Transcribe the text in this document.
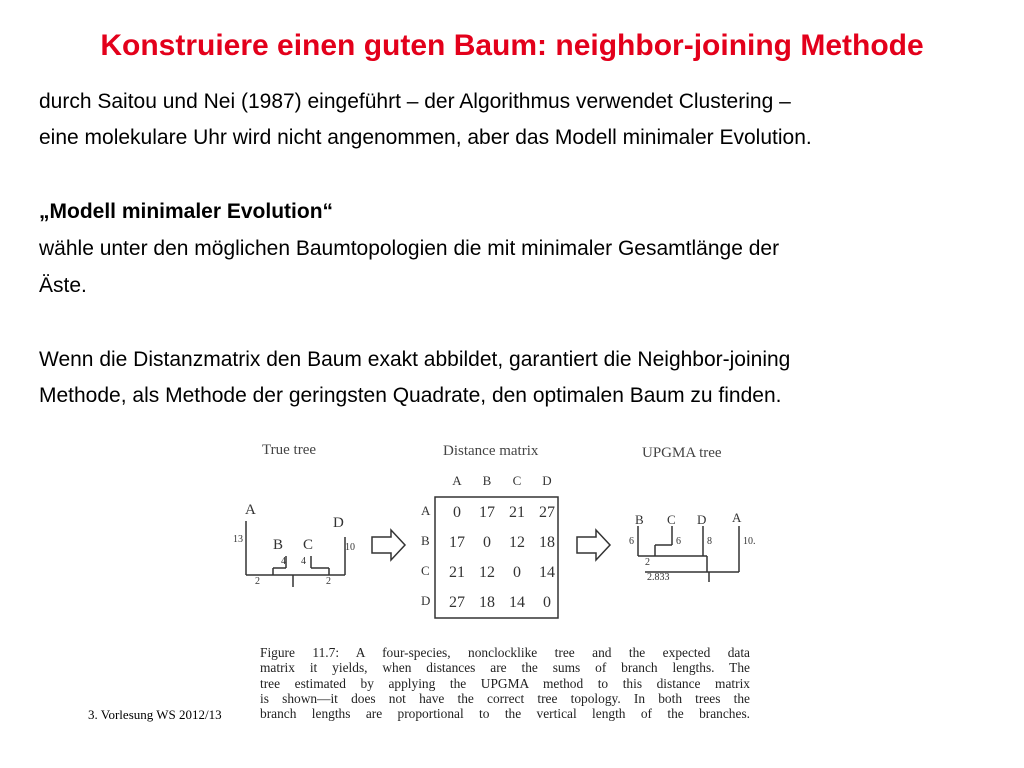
Konstruiere einen guten Baum: neighbor-joining Methode
durch Saitou und Nei (1987) eingeführt – der Algorithmus verwendet Clustering –
eine molekulare Uhr wird nicht angenommen, aber das Modell minimaler Evolution.
„Modell minimaler Evolution“
wähle unter den möglichen Baumtopologien die mit minimaler Gesamtlänge der
Äste.
Wenn die Distanzmatrix den Baum exakt abbildet, garantiert die Neighbor-joining
Methode, als Methode der geringsten Quadrate, den optimalen Baum zu finden.
True tree
A
B C
D
13
4 4
10
2	2
Distance matrix
A B C D
A 0 17 21 27
B 17 0 12 18
C 21 12 0 14
D 27 18 14 0
UPGMA tree
B C D A
6	6	8	10.
2
2.833
Figure 11.7: A four-species, nonclocklike tree and the expected data
matrix it yields, when distances are the sums of branch lengths. The
tree estimated by applying the UPGMA method to this distance matrix
is shown—it does not have the correct tree topology. In both trees the
branch lengths are proportional to the vertical length of the branches.
3. Vorlesung WS 2012/13
